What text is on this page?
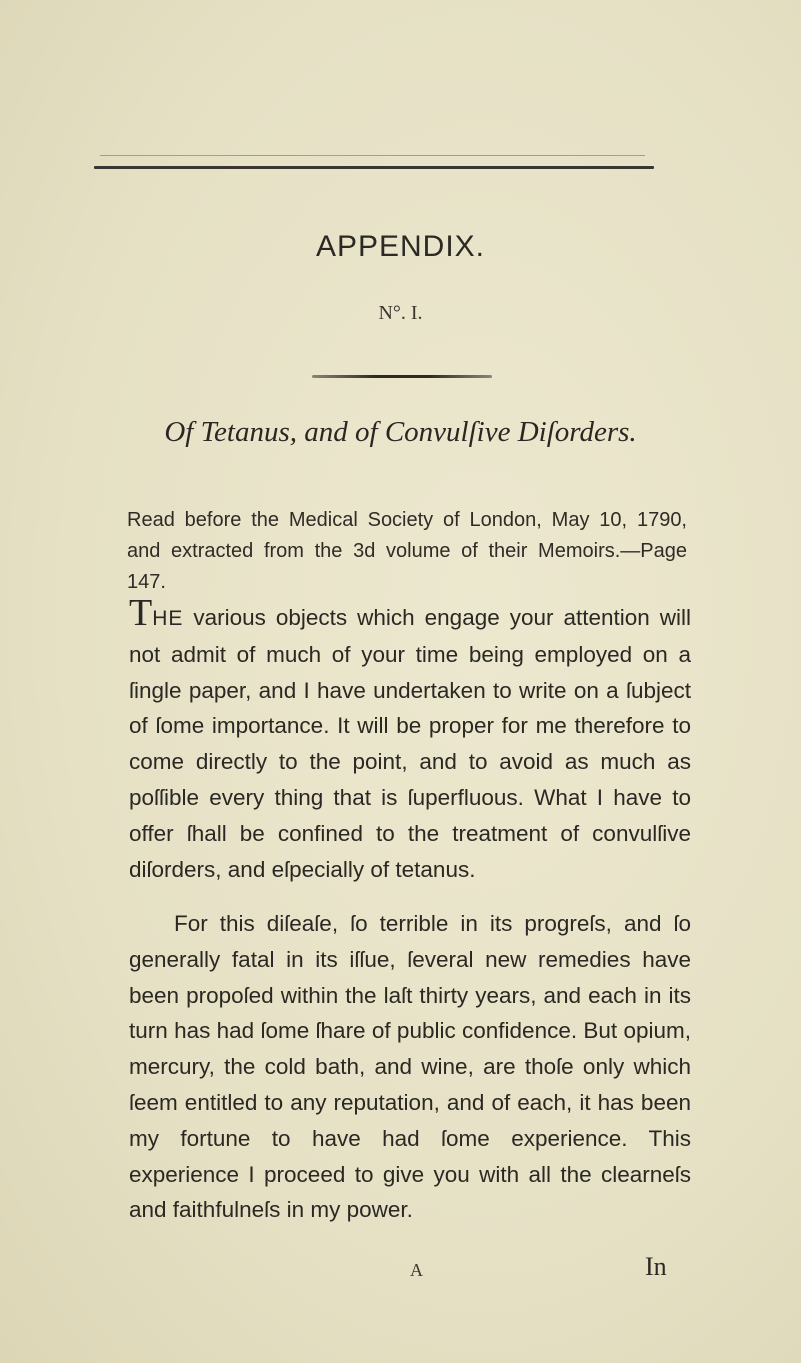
APPENDIX.
N°. I.
Of Tetanus, and of Convulſive Diſorders.
Read before the Medical Society of London, May 10, 1790, and extracted from the 3d volume of their Memoirs.—Page 147.
THE various objects which engage your attention will not admit of much of your time being employed on a ſingle paper, and I have undertaken to write on a ſubject of ſome importance. It will be proper for me therefore to come directly to the point, and to avoid as much as poſſible every thing that is ſuperfluous. What I have to offer ſhall be confined to the treatment of convulſive diſorders, and eſpecially of tetanus.
For this diſeaſe, ſo terrible in its progreſs, and ſo generally fatal in its iſſue, ſeveral new remedies have been propoſed within the laſt thirty years, and each in its turn has had ſome ſhare of public confidence. But opium, mercury, the cold bath, and wine, are thoſe only which ſeem entitled to any reputation, and of each, it has been my fortune to have had ſome experience. This experience I proceed to give you with all the clearneſs and faithfulneſs in my power.
A	In
